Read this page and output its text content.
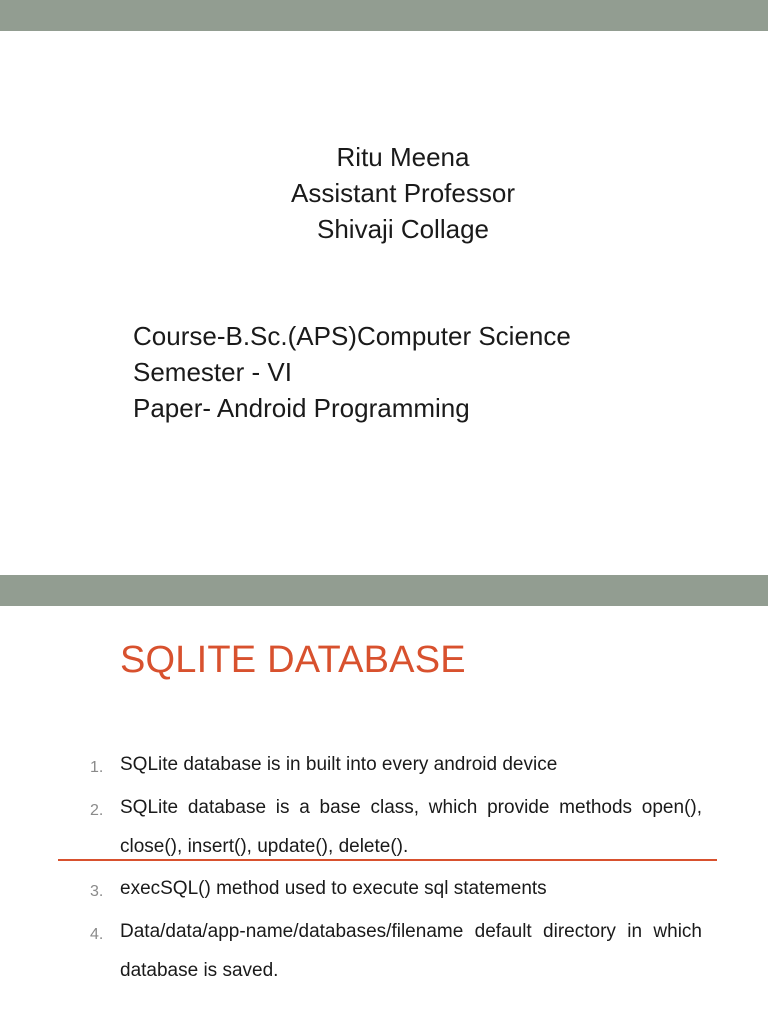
Ritu Meena
Assistant Professor
Shivaji Collage
Course-B.Sc.(APS)Computer Science
Semester - VI
Paper- Android Programming
SQLITE DATABASE
1. SQLite database is in built into every android device
2. SQLite database is a base class, which provide methods open(), close(), insert(), update(), delete().
3. execSQL() method used to execute sql statements
4. Data/data/app-name/databases/filename default directory in which database is saved.
